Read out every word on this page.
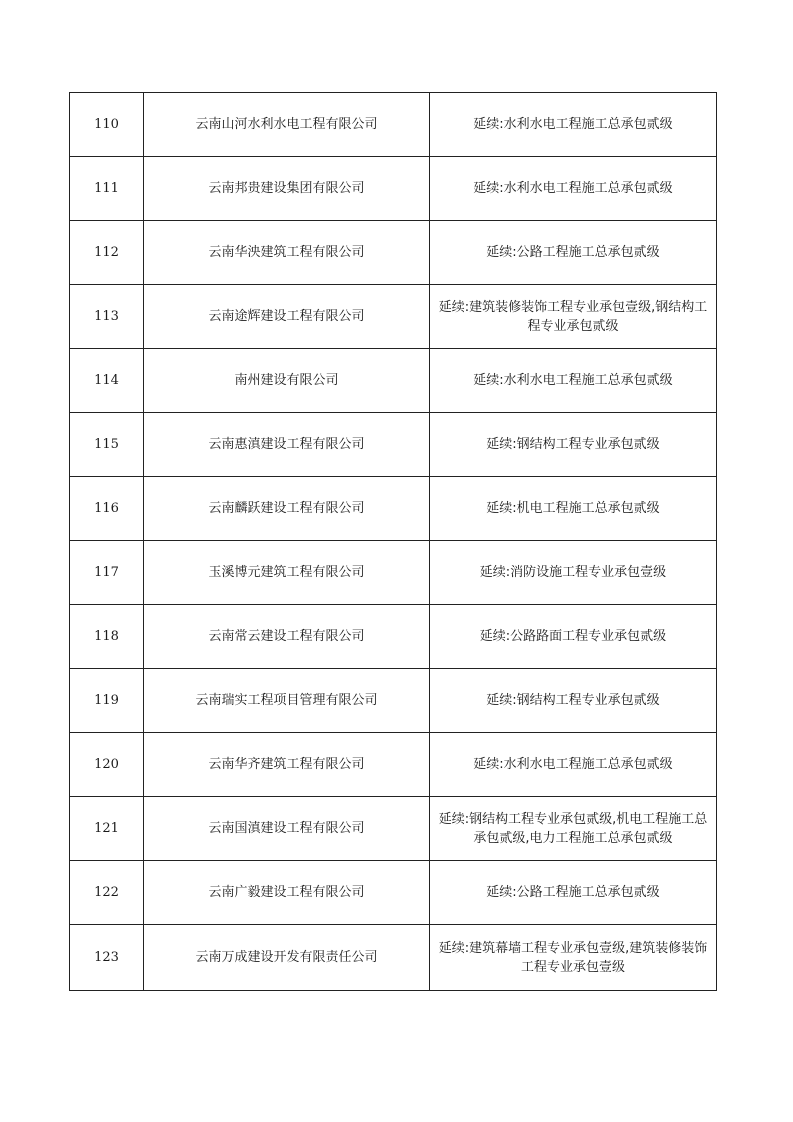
110	云南山河水利水电工程有限公司	延续:水利水电工程施工总承包贰级
111	云南邦贵建设集团有限公司	延续:水利水电工程施工总承包贰级
112	云南华泱建筑工程有限公司	延续:公路工程施工总承包贰级
113	云南途辉建设工程有限公司	延续:建筑装修装饰工程专业承包壹级,钢结构工程专业承包贰级
114	南州建设有限公司	延续:水利水电工程施工总承包贰级
115	云南惠滇建设工程有限公司	延续:钢结构工程专业承包贰级
116	云南麟跃建设工程有限公司	延续:机电工程施工总承包贰级
117	玉溪博元建筑工程有限公司	延续:消防设施工程专业承包壹级
118	云南常云建设工程有限公司	延续:公路路面工程专业承包贰级
119	云南瑞实工程项目管理有限公司	延续:钢结构工程专业承包贰级
120	云南华齐建筑工程有限公司	延续:水利水电工程施工总承包贰级
121	云南国滇建设工程有限公司	延续:钢结构工程专业承包贰级,机电工程施工总承包贰级,电力工程施工总承包贰级
122	云南广毅建设工程有限公司	延续:公路工程施工总承包贰级
123	云南万成建设开发有限责任公司	延续:建筑幕墙工程专业承包壹级,建筑装修装饰工程专业承包壹级
